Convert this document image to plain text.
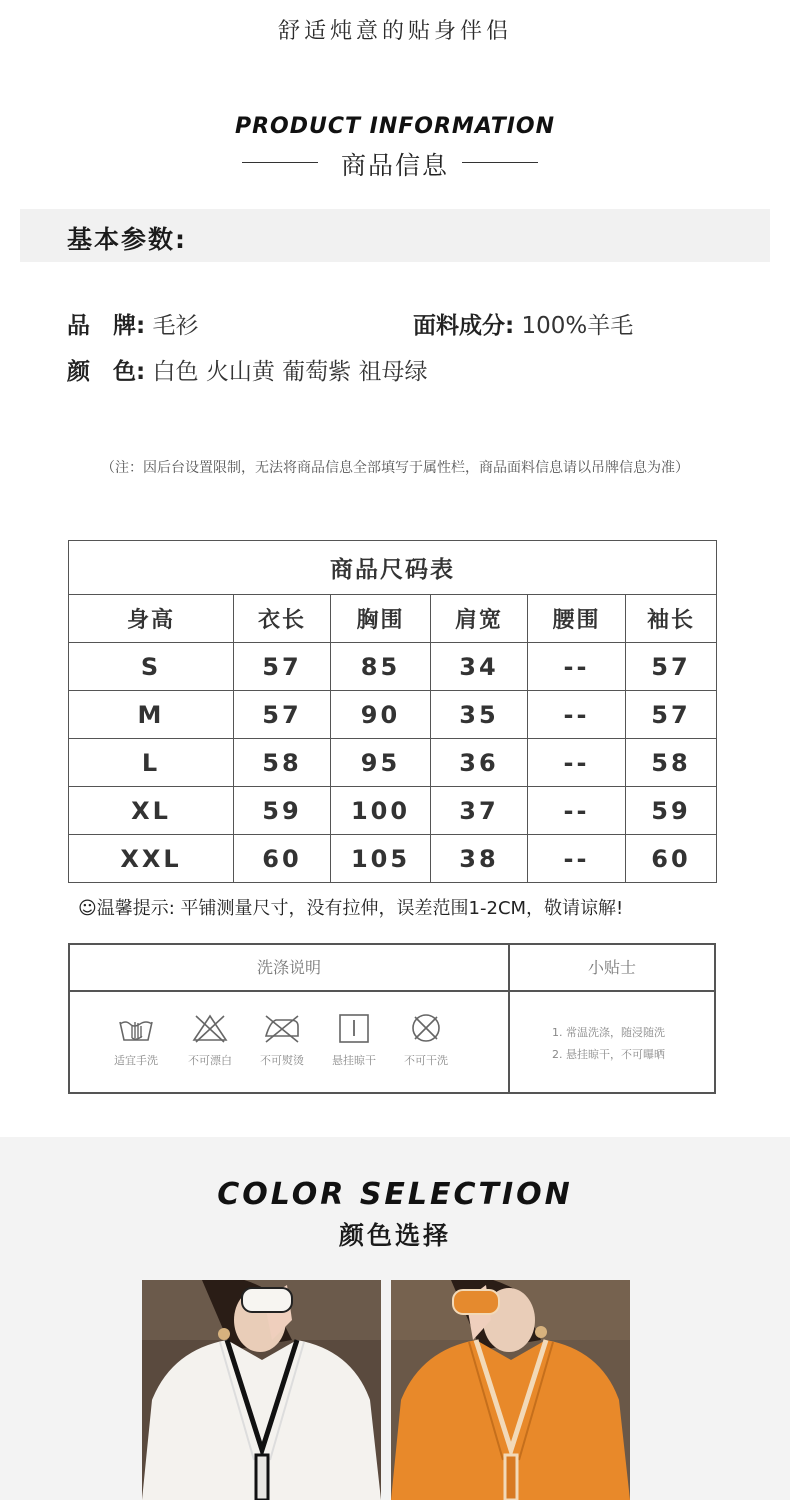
舒适炖意的贴身伴侣
PRODUCT INFORMATION
商品信息
基本参数:
品　牌: 毛衫	面料成分: 100%羊毛
颜　色: 白色 火山黄 葡萄紫 祖母绿
（注：因后台设置限制，无法将商品信息全部填写于属性栏，商品面料信息请以吊牌信息为准）
商品尺码表					
身高	衣长	胸围	肩宽	腰围	袖长
S	57	85	34	--	57
M	57	90	35	--	57
L	58	95	36	--	58
XL	59	100	37	--	59
XXL	60	105	38	--	60
☺温馨提示: 平铺测量尺寸，没有拉伸，误差范围1-2CM，敬请谅解!
洗涤说明	小贴士
适宜手洗	不可漂白	不可熨烫	悬挂晾干	不可干洗
1. 常温洗涤，随浸随洗
2. 悬挂晾干，不可曝晒
COLOR SELECTION
颜色选择
